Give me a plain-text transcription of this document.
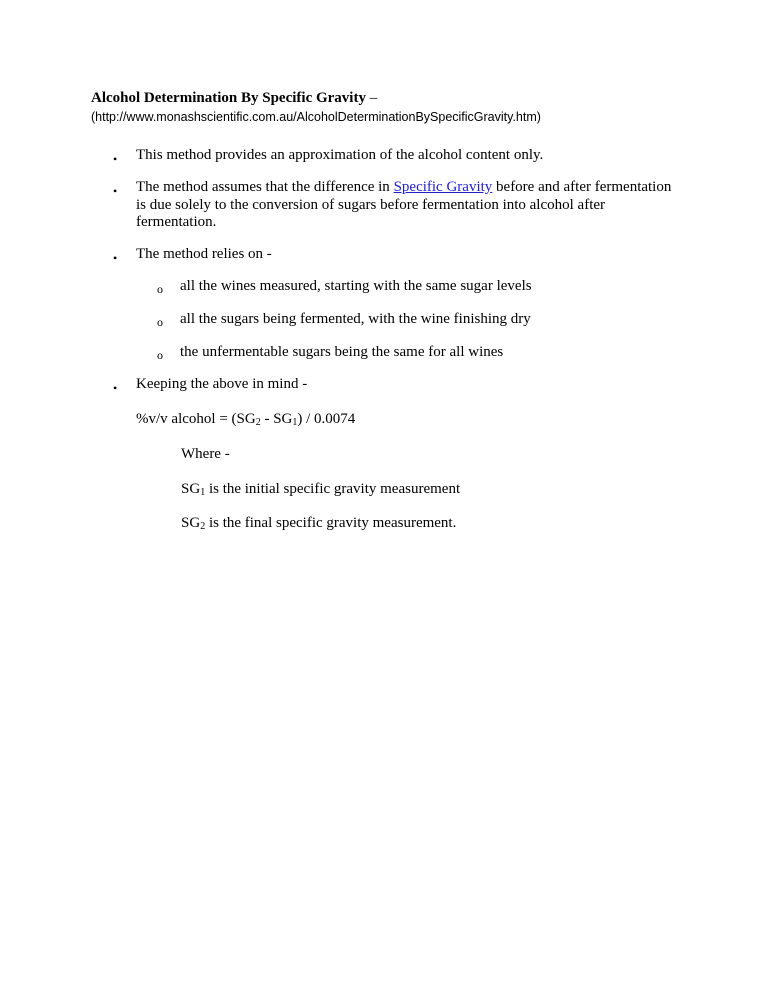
Alcohol Determination By Specific Gravity –
(http://www.monashscientific.com.au/AlcoholDeterminationBySpecificGravity.htm)
• This method provides an approximation of the alcohol content only.
• The method assumes that the difference in Specific Gravity before and after fermentation is due solely to the conversion of sugars before fermentation into alcohol after fermentation.
• The method relies on -
o all the wines measured, starting with the same sugar levels
o all the sugars being fermented, with the wine finishing dry
o the unfermentable sugars being the same for all wines
• Keeping the above in mind -
%v/v alcohol = $(SG_2 - SG_1) / 0.0074$
Where -
$SG_1$ is the initial specific gravity measurement
$SG_2$ is the final specific gravity measurement.
